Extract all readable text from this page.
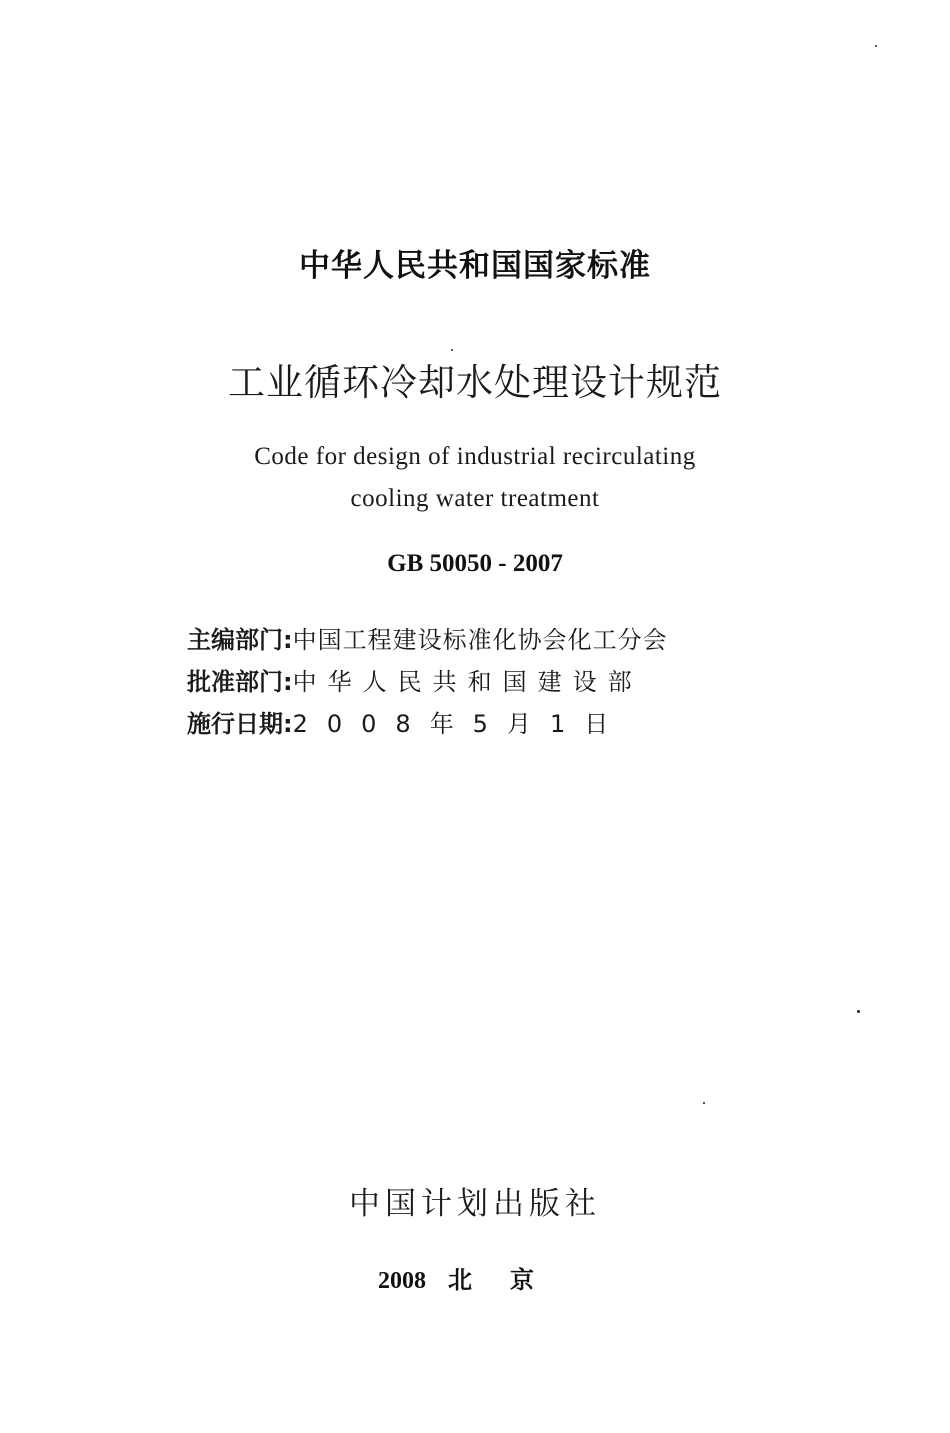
中华人民共和国国家标准
工业循环冷却水处理设计规范
Code for design of industrial recirculating
cooling water treatment
GB 50050 - 2007
主编部门: 中国工程建设标准化协会化工分会
批准部门: 中华人民共和国建设部
施行日期: 2008年5月1日
中国计划出版社
2008 北京
